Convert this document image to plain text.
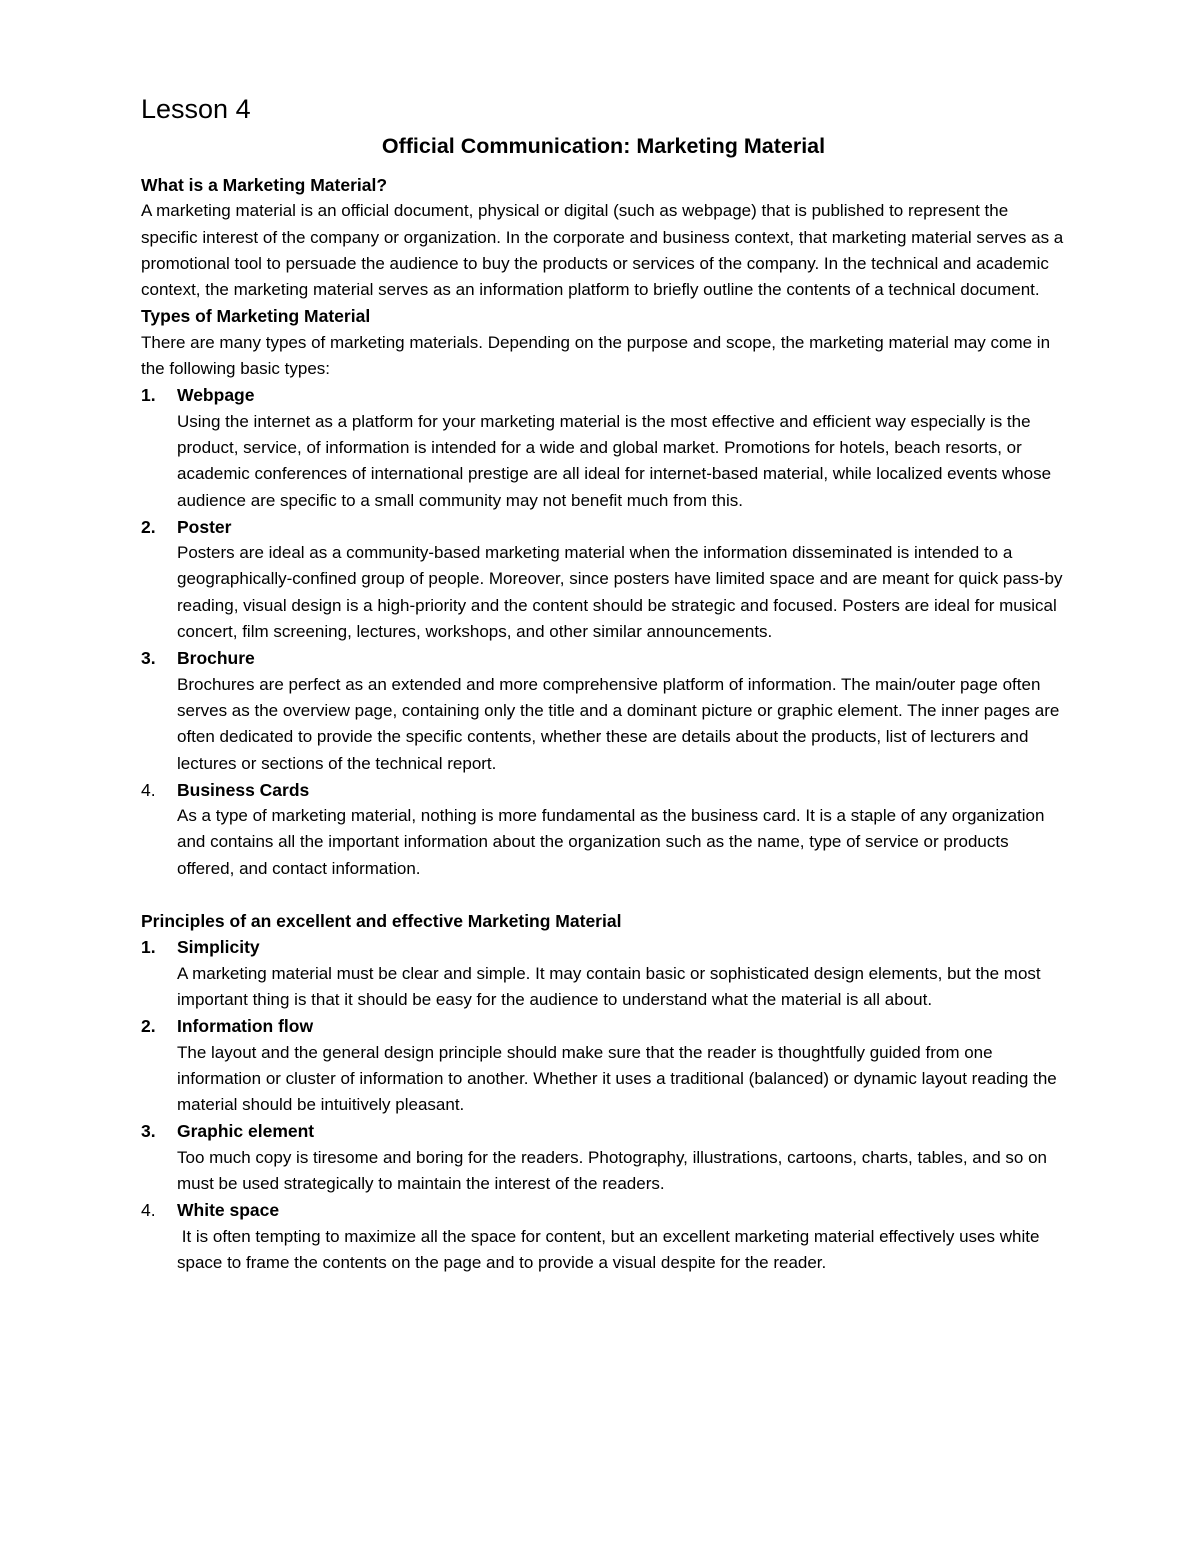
Lesson 4
Official Communication: Marketing Material
What is a Marketing Material?

A marketing material is an official document, physical or digital (such as webpage) that is published to represent the specific interest of the company or organization. In the corporate and business context, that marketing material serves as a promotional tool to persuade the audience to buy the products or services of the company. In the technical and academic context, the marketing material serves as an information platform to briefly outline the contents of a technical document.

Types of Marketing Material

There are many types of marketing materials. Depending on the purpose and scope, the marketing material may come in the following basic types:

1. Webpage

Using the internet as a platform for your marketing material is the most effective and efficient way especially is the product, service, of information is intended for a wide and global market. Promotions for hotels, beach resorts, or academic conferences of international prestige are all ideal for internet-based material, while localized events whose audience are specific to a small community may not benefit much from this.

2. Poster

Posters are ideal as a community-based marketing material when the information disseminated is intended to a geographically-confined group of people. Moreover, since posters have limited space and are meant for quick pass-by reading, visual design is a high-priority and the content should be strategic and focused. Posters are ideal for musical concert, film screening, lectures, workshops, and other similar announcements.

3. Brochure

Brochures are perfect as an extended and more comprehensive platform of information. The main/outer page often serves as the overview page, containing only the title and a dominant picture or graphic element. The inner pages are often dedicated to provide the specific contents, whether these are details about the products, list of lecturers and lectures or sections of the technical report.

4. Business Cards

As a type of marketing material, nothing is more fundamental as the business card. It is a staple of any organization and contains all the important information about the organization such as the name, type of service or products offered, and contact information.

Principles of an excellent and effective Marketing Material
1. Simplicity

A marketing material must be clear and simple. It may contain basic or sophisticated design elements, but the most important thing is that it should be easy for the audience to understand what the material is all about.

2. Information flow

The layout and the general design principle should make sure that the reader is thoughtfully guided from one information or cluster of information to another. Whether it uses a traditional (balanced) or dynamic layout reading the material should be intuitively pleasant.

3. Graphic element

Too much copy is tiresome and boring for the readers. Photography, illustrations, cartoons, charts, tables, and so on must be used strategically to maintain the interest of the readers.

4. White space

It is often tempting to maximize all the space for content, but an excellent marketing material effectively uses white space to frame the contents on the page and to provide a visual despite for the reader.
